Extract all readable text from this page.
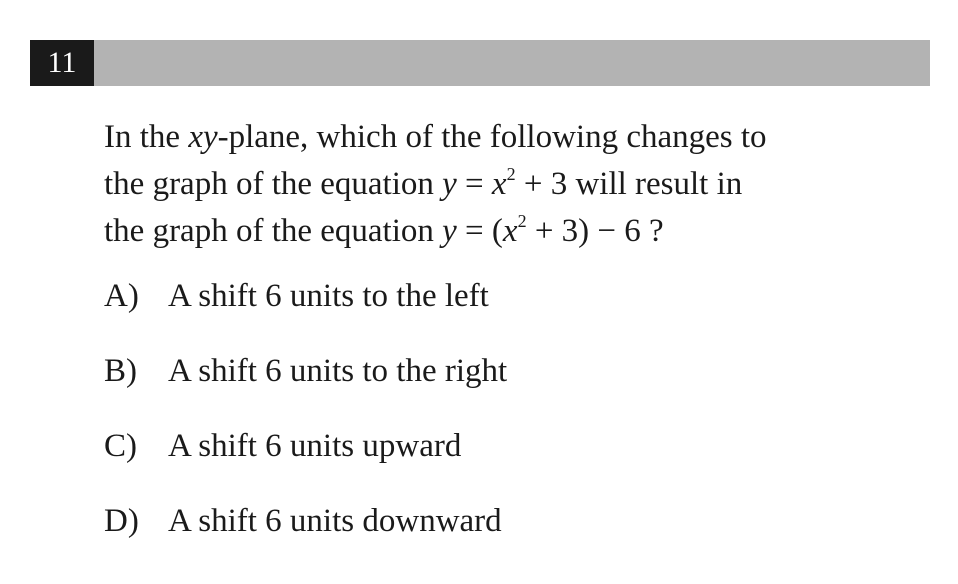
11
In the xy-plane, which of the following changes to
the graph of the equation $y = x^2 + 3$ will result in
the graph of the equation $y = (x^2 + 3) - 6$ ?
A) A shift 6 units to the left
B) A shift 6 units to the right
C) A shift 6 units upward
D) A shift 6 units downward
